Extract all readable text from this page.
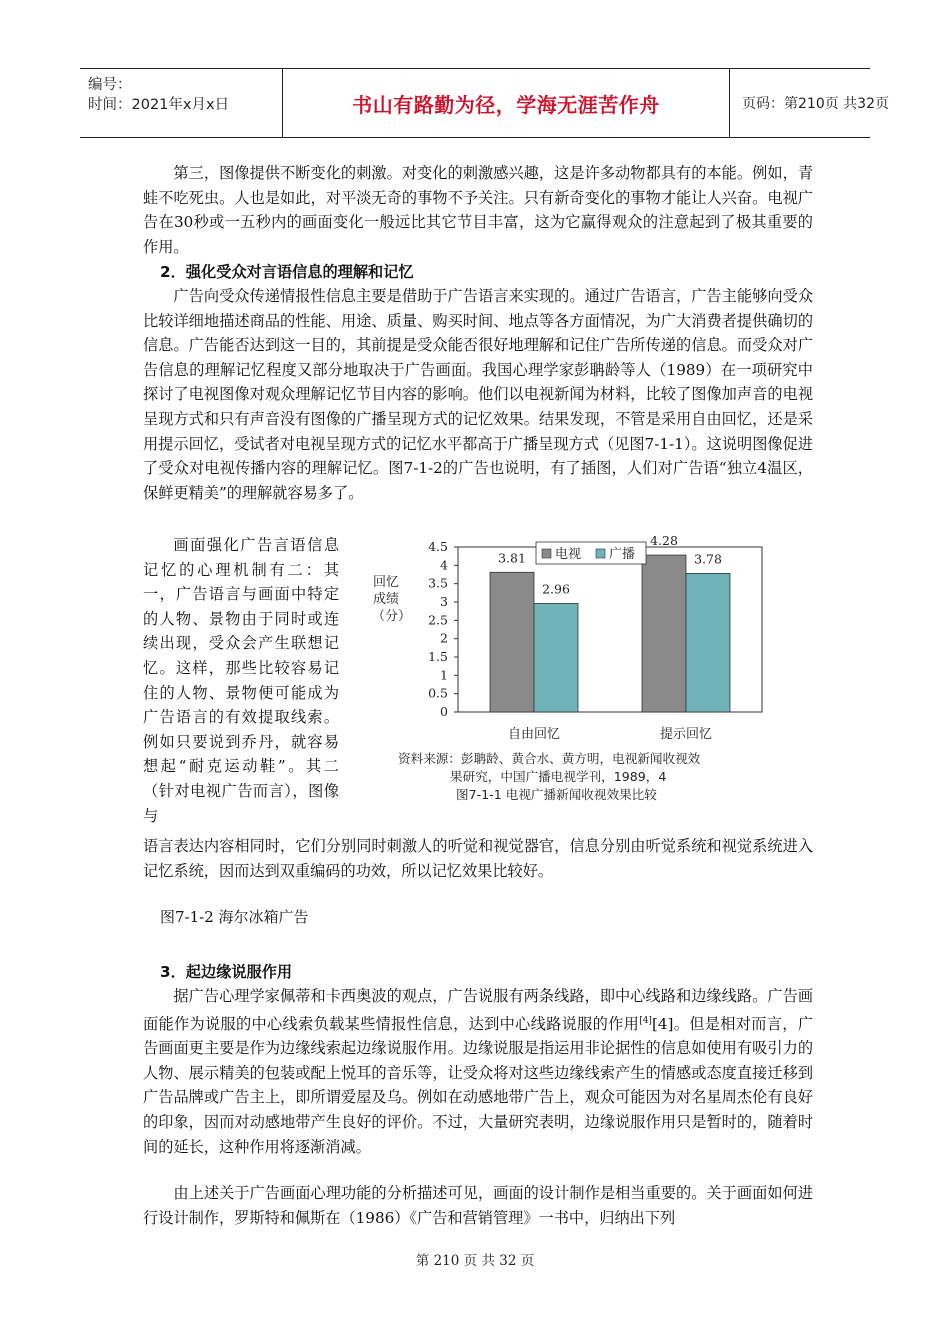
编号：
时间：2021年x月x日	书山有路勤为径，学海无涯苦作舟	页码：第210页 共32页

第三，图像提供不断变化的刺激。对变化的刺激感兴趣，这是许多动物都具有的本能。例如，青蛙不吃死虫。人也是如此，对平淡无奇的事物不予关注。只有新奇变化的事物才能让人兴奋。电视广告在30秒或一五秒内的画面变化一般远比其它节目丰富，这为它赢得观众的注意起到了极其重要的作用。

2．强化受众对言语信息的理解和记忆

广告向受众传递情报性信息主要是借助于广告语言来实现的。通过广告语言，广告主能够向受众比较详细地描述商品的性能、用途、质量、购买时间、地点等各方面情况，为广大消费者提供确切的信息。广告能否达到这一目的，其前提是受众能否很好地理解和记住广告所传递的信息。而受众对广告信息的理解记忆程度又部分地取决于广告画面。我国心理学家彭聃龄等人（1989）在一项研究中探讨了电视图像对观众理解记忆节目内容的影响。他们以电视新闻为材料，比较了图像加声音的电视呈现方式和只有声音没有图像的广播呈现方式的记忆效果。结果发现，不管是采用自由回忆，还是采用提示回忆，受试者对电视呈现方式的记忆水平都高于广播呈现方式（见图7-1-1）。这说明图像促进了受众对电视传播内容的理解记忆。图7-1-2的广告也说明，有了插图，人们对广告语“独立4温区，保鲜更精美”的理解就容易多了。

画面强化广告言语信息记忆的心理机制有二：其一，广告语言与画面中特定的人物、景物由于同时或连续出现，受众会产生联想记忆。这样，那些比较容易记住的人物、景物便可能成为广告语言的有效提取线索。例如只要说到乔丹，就容易想起“耐克运动鞋”。其二（针对电视广告而言），图像与

回忆成绩（分）
0
0.5
1
1.5
2
2.5
3
3.5
4
4.5
3.81
2.96
自由回忆
4.28
3.78
提示回忆
电视 广播
资料来源：彭聃龄、黄合水、黄方明，电视新闻收视效
果研究，中国广播电视学刊，1989，4
图7-1-1 电视广播新闻收视效果比较

语言表达内容相同时，它们分别同时刺激人的听觉和视觉器官，信息分别由听觉系统和视觉系统进入记忆系统，因而达到双重编码的功效，所以记忆效果比较好。

图7-1-2 海尔冰箱广告
3．起边缘说服作用

据广告心理学家佩蒂和卡西奥波的观点，广告说服有两条线路，即中心线路和边缘线路。广告画面能作为说服的中心线索负载某些情报性信息，达到中心线路说服的作用[4][4]。但是相对而言，广告画面更主要是作为边缘线索起边缘说服作用。边缘说服是指运用非论据性的信息如使用有吸引力的人物、展示精美的包装或配上悦耳的音乐等，让受众将对这些边缘线索产生的情感或态度直接迁移到广告品牌或广告主上，即所谓爱屋及乌。例如在动感地带广告上，观众可能因为对名星周杰伦有良好的印象，因而对动感地带产生良好的评价。不过，大量研究表明，边缘说服作用只是暂时的，随着时间的延长，这种作用将逐渐消减。

由上述关于广告画面心理功能的分析描述可见，画面的设计制作是相当重要的。关于画面如何进行设计制作，罗斯特和佩斯在（1986）《广告和营销管理》一书中，归纳出下列

第 210 页 共 32 页
